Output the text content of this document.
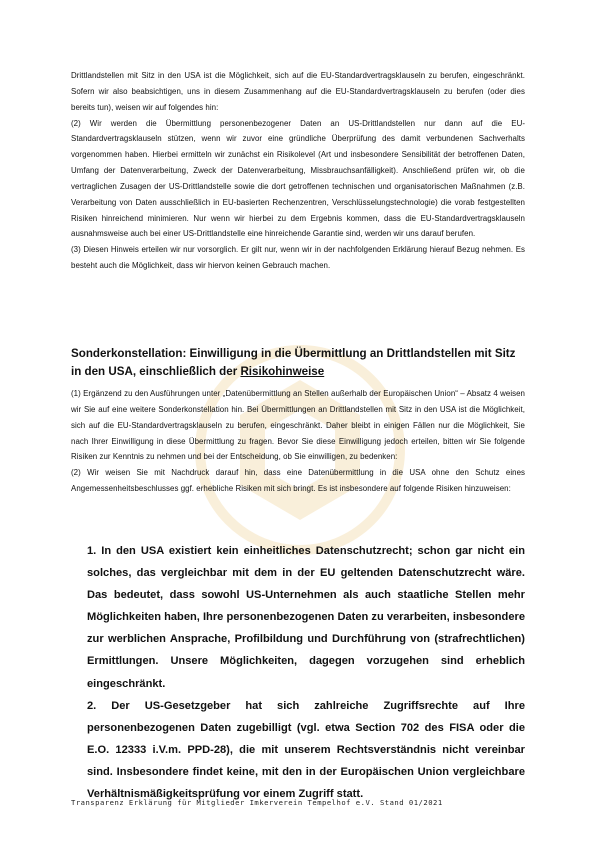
Drittlandstellen mit Sitz in den USA ist die Möglichkeit, sich auf die EU-Standardvertragsklauseln zu berufen, eingeschränkt. Sofern wir also beabsichtigen, uns in diesem Zusammenhang auf die EU-Standardvertragsklauseln zu berufen (oder dies bereits tun), weisen wir auf folgendes hin:

(2) Wir werden die Übermittlung personenbezogener Daten an US-Drittlandstellen nur dann auf die EU-Standardvertragsklauseln stützen, wenn wir zuvor eine gründliche Überprüfung des damit verbundenen Sachverhalts vorgenommen haben. Hierbei ermitteln wir zunächst ein Risikolevel (Art und insbesondere Sensibilität der betroffenen Daten, Umfang der Datenverarbeitung, Zweck der Datenverarbeitung, Missbrauchsanfälligkeit). Anschließend prüfen wir, ob die vertraglichen Zusagen der US-Drittlandstelle sowie die dort getroffenen technischen und organisatorischen Maßnahmen (z.B. Verarbeitung von Daten ausschließlich in EU-basierten Rechenzentren, Verschlüsselungstechnologie) die vorab festgestellten Risiken hinreichend minimieren. Nur wenn wir hierbei zu dem Ergebnis kommen, dass die EU-Standardvertragsklauseln ausnahmsweise auch bei einer US-Drittlandstelle eine hinreichende Garantie sind, werden wir uns darauf berufen.

(3) Diesen Hinweis erteilen wir nur vorsorglich. Er gilt nur, wenn wir in der nachfolgenden Erklärung hierauf Bezug nehmen. Es besteht auch die Möglichkeit, dass wir hiervon keinen Gebrauch machen.

Sonderkonstellation: Einwilligung in die Übermittlung an Drittlandstellen mit Sitz in den USA, einschließlich der Risikohinweise

(1) Ergänzend zu den Ausführungen unter „Datenübermittlung an Stellen außerhalb der Europäischen Union“ – Absatz 4 weisen wir Sie auf eine weitere Sonderkonstellation hin. Bei Übermittlungen an Drittlandstellen mit Sitz in den USA ist die Möglichkeit, sich auf die EU-Standardvertragsklauseln zu berufen, eingeschränkt. Daher bleibt in einigen Fällen nur die Möglichkeit, Sie nach Ihrer Einwilligung in diese Übermittlung zu fragen. Bevor Sie diese Einwilligung jedoch erteilen, bitten wir Sie folgende Risiken zur Kenntnis zu nehmen und bei der Entscheidung, ob Sie einwilligen, zu bedenken:

(2) Wir weisen Sie mit Nachdruck darauf hin, dass eine Datenübermittlung in die USA ohne den Schutz eines Angemessenheitsbeschlusses ggf. erhebliche Risiken mit sich bringt. Es ist insbesondere auf folgende Risiken hinzuweisen:

1. In den USA existiert kein einheitliches Datenschutzrecht; schon gar nicht ein solches, das vergleichbar mit dem in der EU geltenden Datenschutzrecht wäre. Das bedeutet, dass sowohl US-Unternehmen als auch staatliche Stellen mehr Möglichkeiten haben, Ihre personenbezogenen Daten zu verarbeiten, insbesondere zur werblichen Ansprache, Profilbildung und Durchführung von (strafrechtlichen) Ermittlungen. Unsere Möglichkeiten, dagegen vorzugehen sind erheblich eingeschränkt.

2. Der US-Gesetzgeber hat sich zahlreiche Zugriffsrechte auf Ihre personenbezogenen Daten zugebilligt (vgl. etwa Section 702 des FISA oder die E.O. 12333 i.V.m. PPD-28), die mit unserem Rechtsverständnis nicht vereinbar sind. Insbesondere findet keine, mit den in der Europäischen Union vergleichbare Verhältnismäßigkeitsprüfung vor einem Zugriff statt.

Transparenz Erklärung für Mitglieder Imkerverein Tempelhof e.V. Stand 01/2021
